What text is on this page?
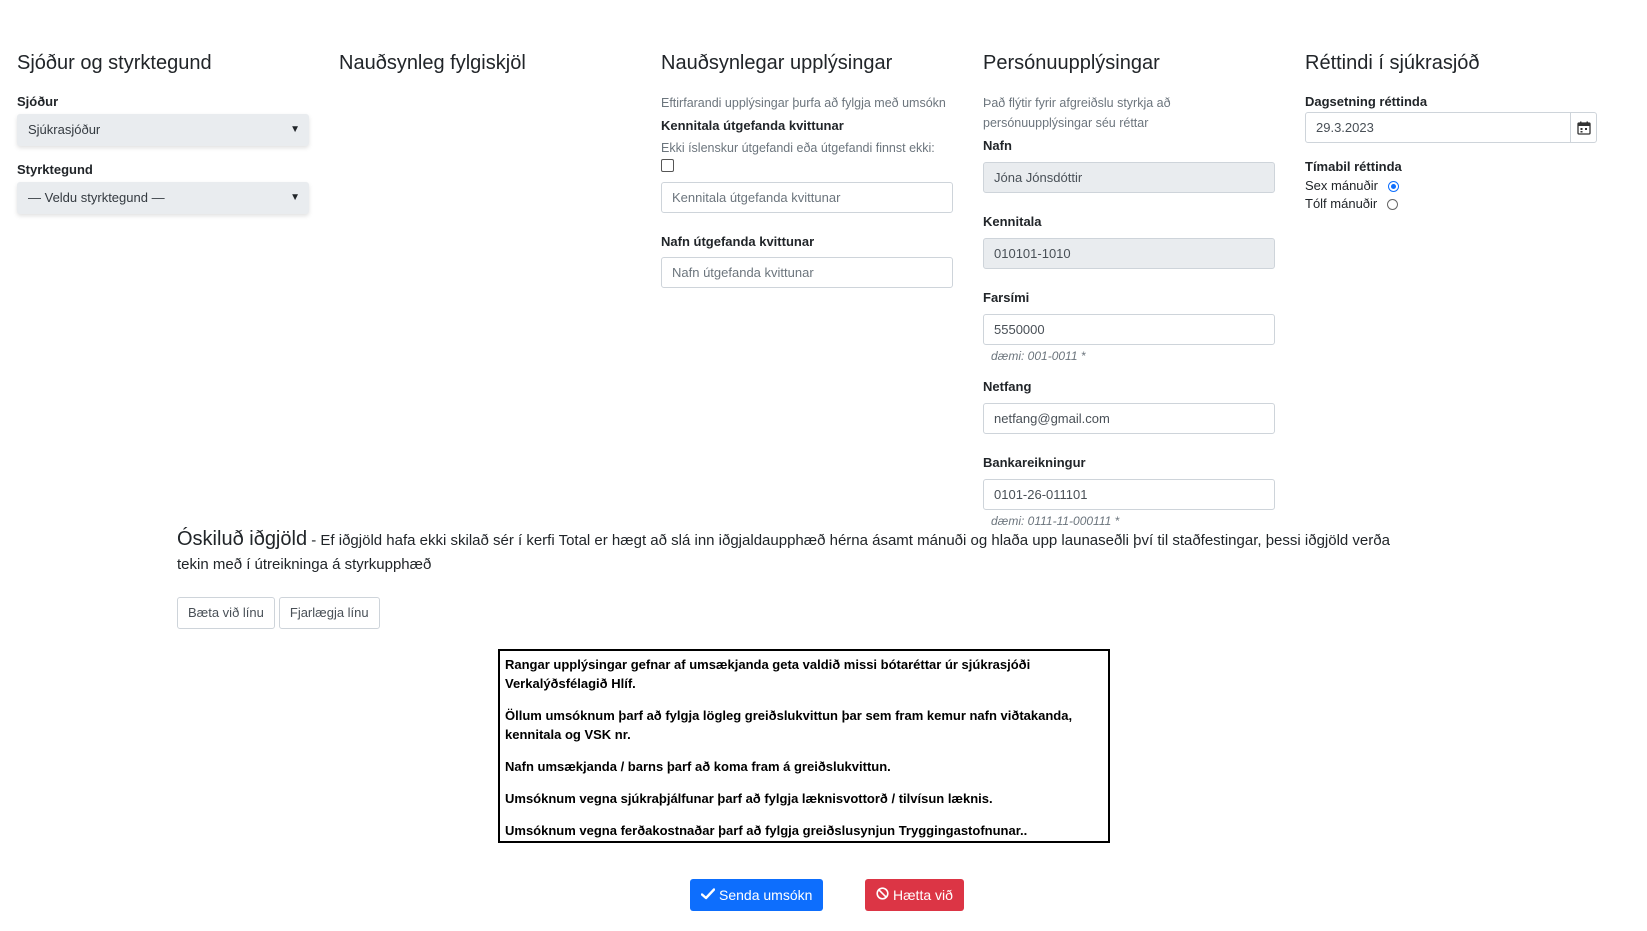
Sjóður og styrktegund
Sjóður
Sjúkrasjóður	▼
Styrktegund
— Veldu styrktegund —	▼
Nauðsynleg fylgiskjöl	Nauðsynlegar upplýsingar
Eftirfarandi upplýsingar þurfa að fylgja með umsókn
Kennitala útgefanda kvittunar
Ekki íslenskur útgefandi eða útgefandi finnst ekki:
Kennitala útgefanda kvittunar
Nafn útgefanda kvittunar
Nafn útgefanda kvittunar
Persónuupplýsingar
Það flýtir fyrir afgreiðslu styrkja að persónuupplýsingar séu réttar
Nafn
Jóna Jónsdóttir
Kennitala
010101-1010
Farsími
5550000
dæmi: 001-0011 *
Netfang
netfang@gmail.com
Bankareikningur
0101-26-011101
dæmi: 0111-11-000111 *
Réttindi í sjúkrasjóð
Dagsetning réttinda
29.3.2023
Tímabil réttinda
Sex mánuðir
Tólf mánuðir
Óskiluð iðgjöld - Ef iðgjöld hafa ekki skilað sér í kerfi Total er hægt að slá inn iðgjaldaupphæð hérna ásamt mánuði og hlaða upp launaseðli því til staðfestingar, þessi iðgjöld verða tekin með í útreikninga á styrkupphæð
Bæta við línu	Fjarlægja línu

Rangar upplýsingar gefnar af umsækjanda geta valdið missi bótaréttar úr sjúkrasjóði Verkalýðsfélagið Hlíf.

Öllum umsóknum þarf að fylgja lögleg greiðslukvittun þar sem fram kemur nafn viðtakanda, kennitala og VSK nr.

Nafn umsækjanda / barns þarf að koma fram á greiðslukvittun.

Umsóknum vegna sjúkraþjálfunar þarf að fylgja læknisvottorð / tilvísun læknis.

Umsóknum vegna ferðakostnaðar þarf að fylgja greiðslusynjun Tryggingastofnunar..

Senda umsókn	Hætta við
